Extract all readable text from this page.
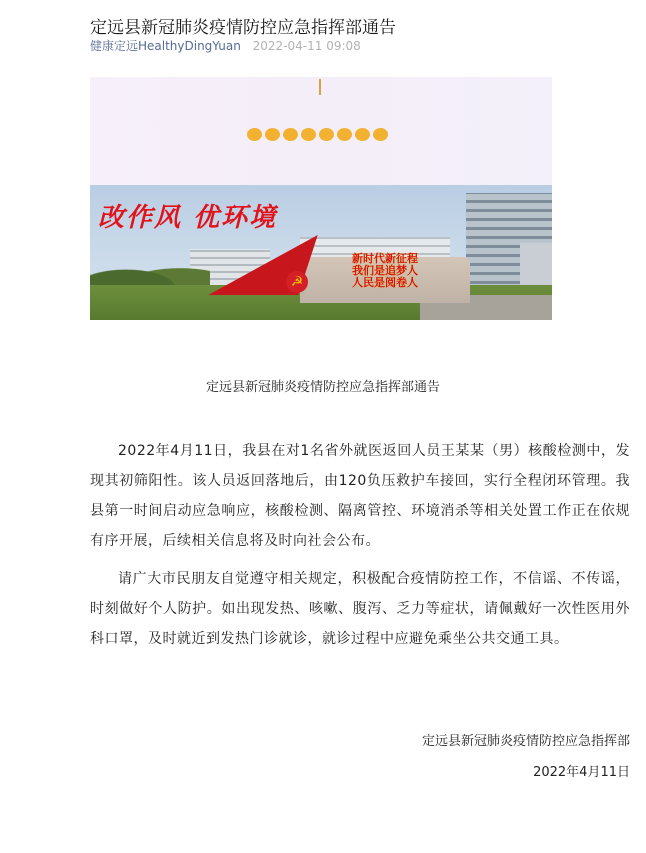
定远县新冠肺炎疫情防控应急指挥部通告
健康定远HealthyDingYuan 2022-04-11 09:08
☭
新时代新征程
我们是追梦人
人民是阅卷人
改作风 优环境
定远县新冠肺炎疫情防控应急指挥部通告

2022年4月11日，我县在对1名省外就医返回人员王某某（男）核酸检测中，发现其初筛阳性。该人员返回落地后，由120负压救护车接回，实行全程闭环管理。我县第一时间启动应急响应，核酸检测、隔离管控、环境消杀等相关处置工作正在依规有序开展，后续相关信息将及时向社会公布。

请广大市民朋友自觉遵守相关规定，积极配合疫情防控工作，不信谣、不传谣，时刻做好个人防护。如出现发热、咳嗽、腹泻、乏力等症状，请佩戴好一次性医用外科口罩，及时就近到发热门诊就诊，就诊过程中应避免乘坐公共交通工具。

定远县新冠肺炎疫情防控应急指挥部
2022年4月11日
